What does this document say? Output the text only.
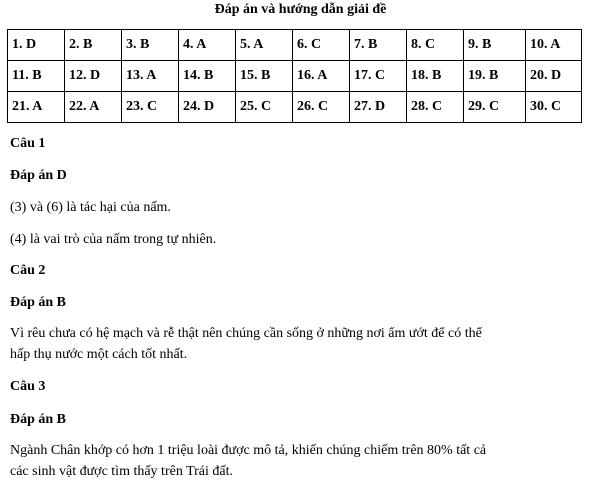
Đáp án và hướng dẫn giải đề
1. D	2. B	3. B	4. A	5. A	6. C	7. B	8. C	9. B	10. A
11. B	12. D	13. A	14. B	15. B	16. A	17. C	18. B	19. B	20. D
21. A	22. A	23. C	24. D	25. C	26. C	27. D	28. C	29. C	30. C
Câu 1
Đáp án D
(3) và (6) là tác hại của nấm.
(4) là vai trò của nấm trong tự nhiên.
Câu 2
Đáp án B
Vì rêu chưa có hệ mạch và rễ thật nên chúng cần sống ở những nơi ẩm ướt để có thể
hấp thụ nước một cách tốt nhất.
Câu 3
Đáp án B
Ngành Chân khớp có hơn 1 triệu loài được mô tả, khiến chúng chiếm trên 80% tất cả
các sinh vật được tìm thấy trên Trái đất.
